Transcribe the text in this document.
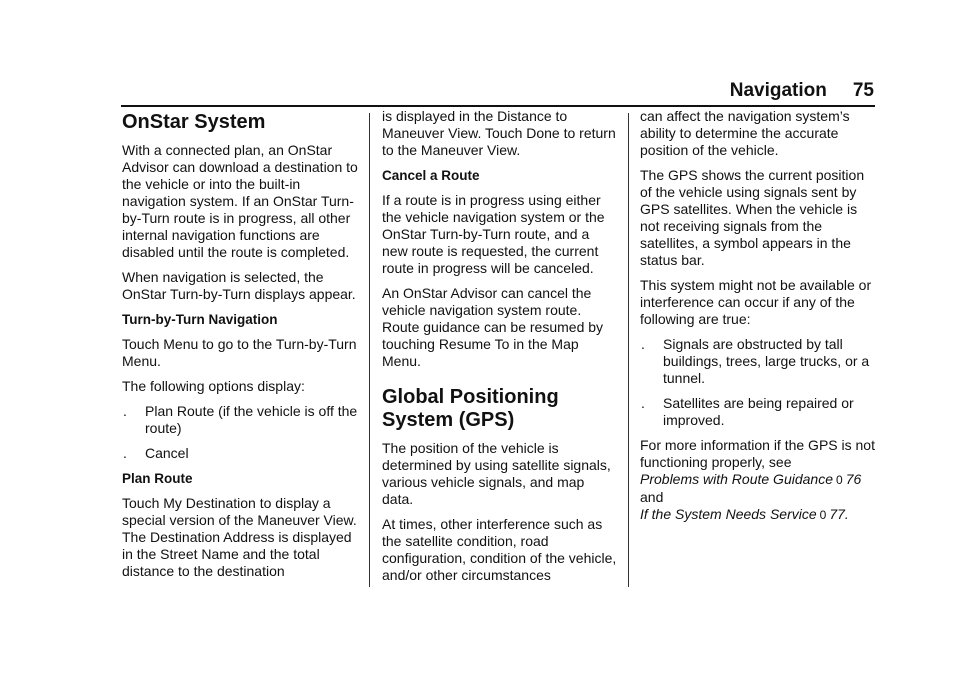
Navigation 75
OnStar System

With a connected plan, an OnStar Advisor can download a destination to the vehicle or into the built-in navigation system. If an OnStar Turn-by-Turn route is in progress, all other internal navigation functions are disabled until the route is completed.

When navigation is selected, the OnStar Turn-by-Turn displays appear.

Turn-by-Turn Navigation

Touch Menu to go to the Turn-by-Turn Menu.

The following options display:

.	Plan Route (if the vehicle is off the route)
.	Cancel
Plan Route

Touch My Destination to display a special version of the Maneuver View. The Destination Address is displayed in the Street Name and the total distance to the destination

is displayed in the Distance to Maneuver View. Touch Done to return to the Maneuver View.

Cancel a Route

If a route is in progress using either the vehicle navigation system or the OnStar Turn-by-Turn route, and a new route is requested, the current route in progress will be canceled.

An OnStar Advisor can cancel the vehicle navigation system route. Route guidance can be resumed by touching Resume To in the Map Menu.

Global Positioning
System (GPS)

The position of the vehicle is determined by using satellite signals, various vehicle signals, and map data.

At times, other interference such as the satellite condition, road configuration, condition of the vehicle, and/or other circumstances

can affect the navigation system’s ability to determine the accurate position of the vehicle.

The GPS shows the current position of the vehicle using signals sent by GPS satellites. When the vehicle is not receiving signals from the satellites, a symbol appears in the status bar.

This system might not be available or interference can occur if any of the following are true:

.	Signals are obstructed by tall buildings, trees, large trucks, or a tunnel.
.	Satellites are being repaired or improved.

For more information if the GPS is not functioning properly, see
Problems with Route Guidance 0 76
and
If the System Needs Service 0 77.
